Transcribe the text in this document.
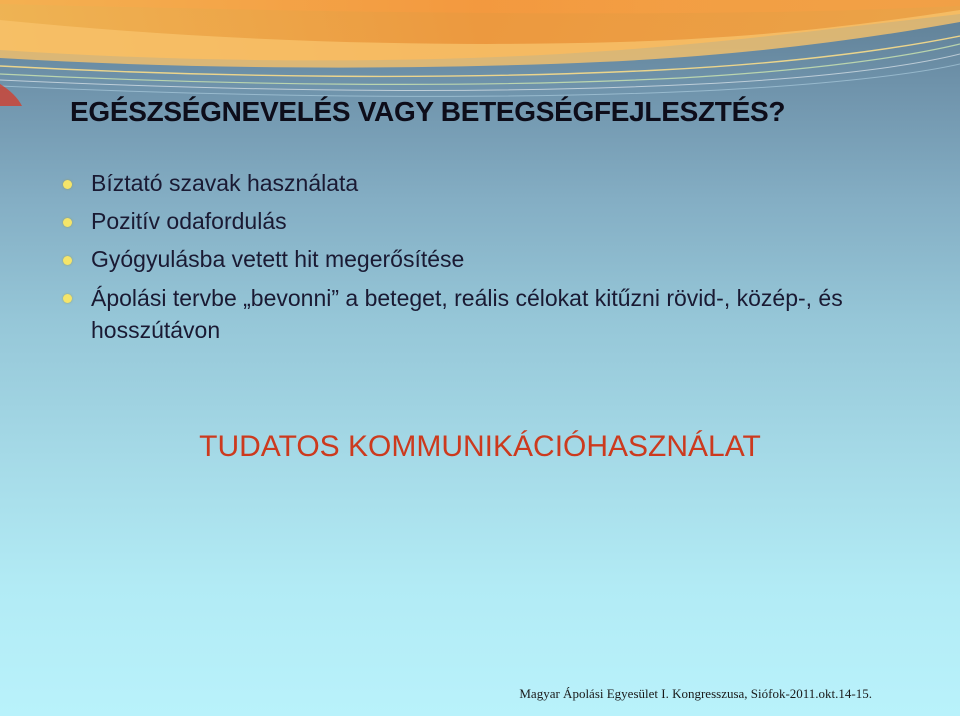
EGÉSZSÉGNEVELÉS VAGY BETEGSÉGFEJLESZTÉS?
Bíztató szavak használata
Pozitív odafordulás
Gyógyulásba vetett hit megerősítése
Ápolási tervbe „bevonni” a beteget, reális célokat kitűzni rövid-, közép-, és hosszútávon
TUDATOS KOMMUNIKÁCIÓHASZNÁLAT
Magyar Ápolási Egyesület I. Kongresszusa, Siófok-2011.okt.14-15.
